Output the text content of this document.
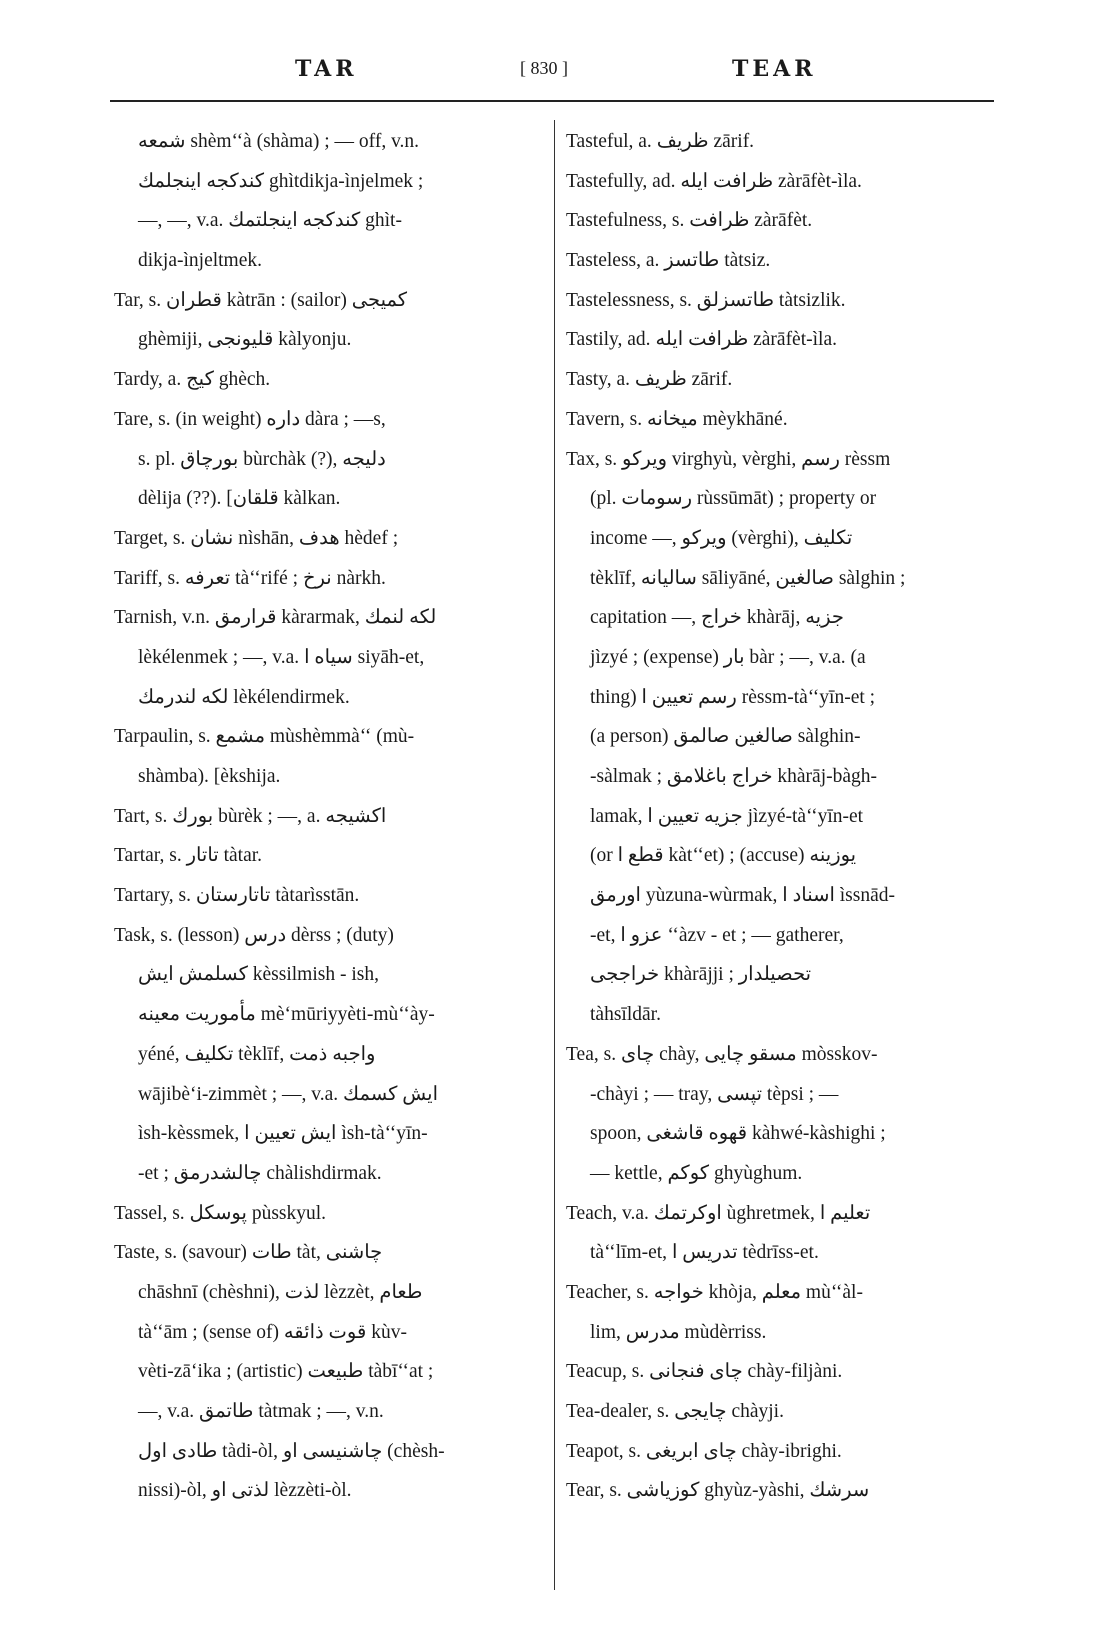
TAR	[ 830 ]	TEAR
شمعه shèm‘‘à (shàma) ; — off, v.n.
كندكجه اينجلمك ghìtdikja-ìnjelmek ;
—, —, v.a. كندكجه اينجلتمك ghìt-
dikja-ìnjeltmek.
Tar, s. قطران kàtrān : (sailor) كميجى
ghèmiji, قليونجى kàlyonju.
Tardy, a. كيج ghèch.
Tare, s. (in weight) داره dàra ; —s,
s. pl. بورچاق bùrchàk (?), دليجه
dèlija (??). [قلقان kàlkan.
Target, s. نشان nìshān, هدف hèdef ;
Tariff, s. تعرفه tà‘‘rifé ; نرخ nàrkh.
Tarnish, v.n. قرارمق kàrarmak, لكه لنمك
lèkélenmek ; —, v.a. سياه ا siyāh-et,
لكه لندرمك lèkélendirmek.
Tarpaulin, s. مشمع mùshèmmà‘‘ (mù-
shàmba). [èkshija.
Tart, s. بورك bùrèk ; —, a. اكشيجه
Tartar, s. تاتار tàtar.
Tartary, s. تاتارستان tàtarìsstān.
Task, s. (lesson) درس dèrss ; (duty)
كسلمش ايش kèssilmish - ish,
مأموريت معينه mè‘mūriyyèti-mù‘‘ày-
yéné, تكليف tèklīf, واجبه ذمت
wājibè‘i-zimmèt ; —, v.a. ايش كسمك
ìsh-kèssmek, ايش تعيين ا ìsh-tà‘‘yīn-
-et ; چالشدرمق chàlishdirmak.
Tassel, s. پوسكل pùsskyul.
Taste, s. (savour) طات tàt, چاشنى
chāshnī (chèshni), لذت lèzzèt, طعام
tà‘‘ām ; (sense of) قوت ذائقه kùv-
vèti-zā‘ika ; (artistic) طبيعت tàbī‘‘at ;
—, v.a. طاتمق tàtmak ; —, v.n.
طادى اول tàdi-òl, چاشنيسى او (chèsh-
nissi)-òl, لذتى او lèzzèti-òl.
Tasteful, a. ظريف zārif.
Tastefully, ad. ظرافت ايله zàrāfèt-ìla.
Tastefulness, s. ظرافت zàrāfèt.
Tasteless, a. طاتسز tàtsiz.
Tastelessness, s. طاتسزلق tàtsizlik.
Tastily, ad. ظرافت ايله zàrāfèt-ìla.
Tasty, a. ظريف zārif.
Tavern, s. ميخانه mèykhāné.
Tax, s. ويركو virghyù, vèrghi, رسم rèssm
(pl. رسومات rùssūmāt) ; property or
income —, ويركو (vèrghi), تكليف
tèklīf, ساليانه sāliyāné, صالغين sàlghin ;
capitation —, خراج khàrāj, جزيه
jìzyé ; (expense) بار bàr ; —, v.a. (a
thing) رسم تعيين ا rèssm-tà‘‘yīn-et ;
(a person) صالغين صالمق sàlghin-
-sàlmak ; خراج باغلامق khàrāj-bàgh-
lamak, جزيه تعيين ا jìzyé-tà‘‘yīn-et
(or قطع ا kàt‘‘et) ; (accuse) يوزينه
اورمق yùzuna-wùrmak, اسناد ا ìssnād-
-et, عزو ا ‘‘àzv - et ; — gatherer,
خراججى khàrājji ; تحصيلدار
tàhsīldār.
Tea, s. چاى chày, مسقو چايى mòsskov-
-chàyi ; — tray, تپسى tèpsi ; —
spoon, قهوه قاشغى kàhwé-kàshighi ;
— kettle, كوكم ghyùghum.
Teach, v.a. اوكرتمك ùghretmek, تعليم ا
tà‘‘līm-et, تدريس ا tèdrīss-et.
Teacher, s. خواجه khòja, معلم mù‘‘àl-
lim, مدرس mùdèrriss.
Teacup, s. چاى فنجانى chày-filjàni.
Tea-dealer, s. چايجى chàyji.
Teapot, s. چاى ابريغى chày-ibrighi.
Tear, s. كوزياشى ghyùz-yàshi, سرشك
